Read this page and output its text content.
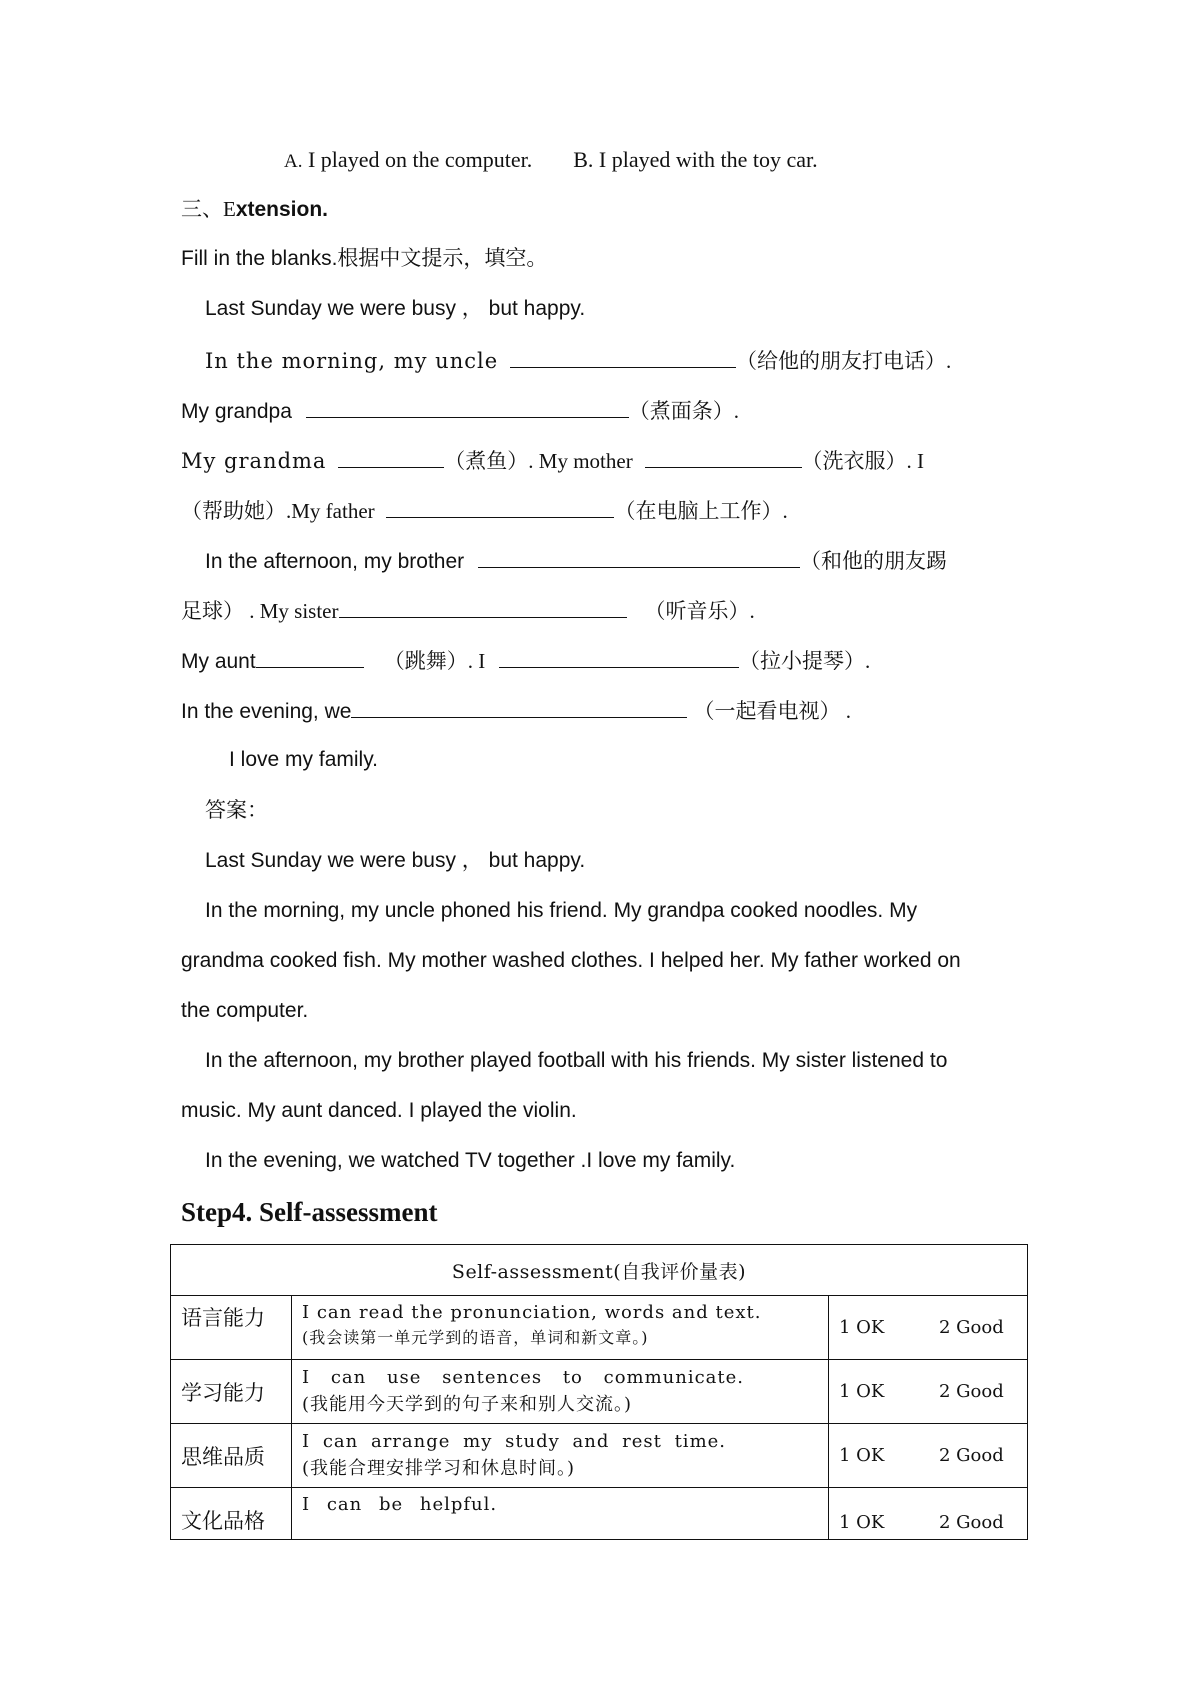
A. I played on the computer. B. I played with the toy car.
三、Extension.
Fill in the blanks.根据中文提示，填空。
Last Sunday we were busy ， but happy.
In the morning, my uncle	（给他的朋友打电话）.
My grandpa	（煮面条）.
My grandma	（煮鱼）. My mother	（洗衣服）. I
（帮助她）.My father	（在电脑上工作）.
In the afternoon, my brother	（和他的朋友踢
足球） . My sister	（听音乐）.
My aunt	（跳舞）. I	（拉小提琴）.
In the evening, we	（一起看电视） .
I love my family.
答案：
Last Sunday we were busy ， but happy.
In the morning, my uncle phoned his friend. My grandpa cooked noodles. My
grandma cooked fish. My mother washed clothes. I helped her. My father worked on
the computer.
In the afternoon, my brother played football with his friends. My sister listened to
music. My aunt danced. I played the violin.
In the evening, we watched TV together .I love my family.
Step4. Self-assessment
Self-assessment(自我评价量表)		
语言能力	I can read the pronunciation, words and text.
(我会读第一单元学到的语音，单词和新文章。)	1 OK 2 Good
学习能力	I can use sentences to communicate.
(我能用今天学到的句子来和别人交流。)	1 OK 2 Good
思维品质	I can arrange my study and rest time.
(我能合理安排学习和休息时间。)	1 OK 2 Good
文化品格	I can be helpful.	1 OK 2 Good
